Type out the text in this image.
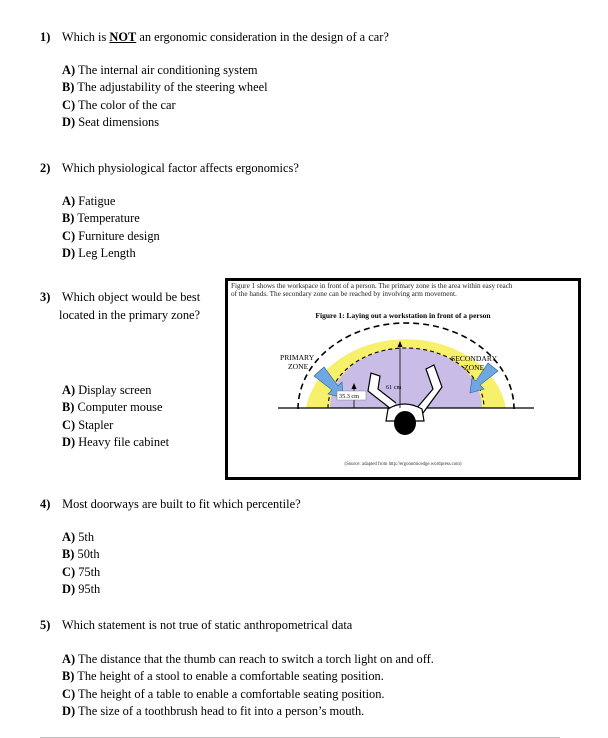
1) Which is NOT an ergonomic consideration in the design of a car?
A) The internal air conditioning system
B) The adjustability of the steering wheel
C) The color of the car
D) Seat dimensions
2) Which physiological factor affects ergonomics?
A) Fatigue
B) Temperature
C) Furniture design
D) Leg Length
3) Which object would be best
located in the primary zone?
A) Display screen
B) Computer mouse
C) Stapler
D) Heavy file cabinet
Figure 1 shows the workspace in front of a person. The primary zone is the area within easy reach
of the hands. The secondary zone can be reached by involving arm movement.
Figure 1: Laying out a workstation in front of a person
PRIMARY
ZONE
SECONDARY
ZONE
35.3 cm
61 cm
(Source: adapted from http://ergonomicedge.wordpress.com)
4) Most doorways are built to fit which percentile?
A) 5th
B) 50th
C) 75th
D) 95th
5) Which statement is not true of static anthropometrical data
A) The distance that the thumb can reach to switch a torch light on and off.
B) The height of a stool to enable a comfortable seating position.
C) The height of a table to enable a comfortable seating position.
D) The size of a toothbrush head to fit into a person’s mouth.
